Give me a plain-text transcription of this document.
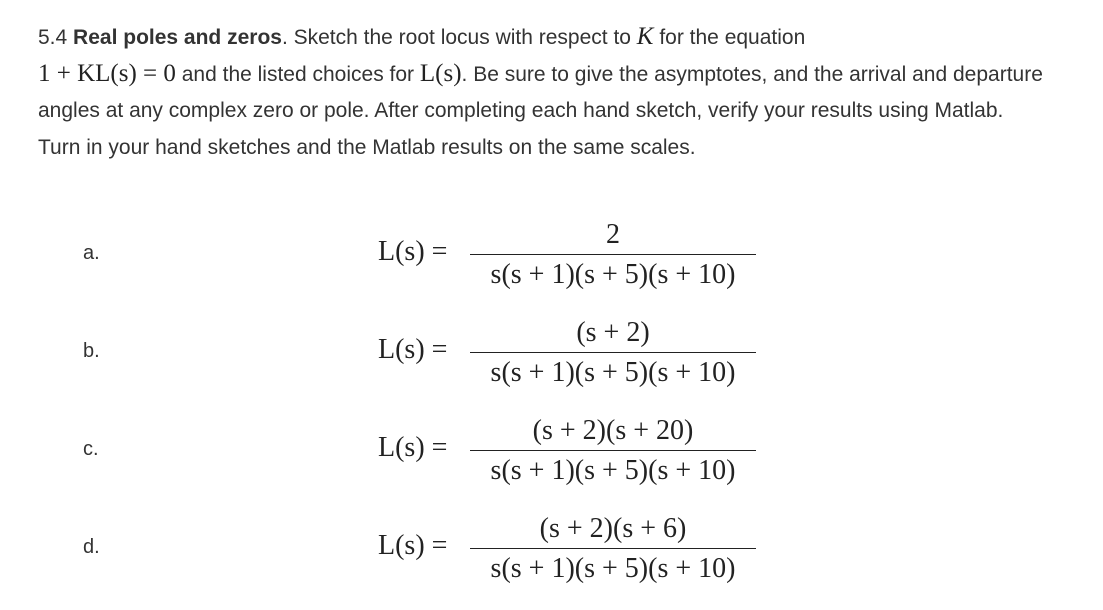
5.4 Real poles and zeros. Sketch the root locus with respect to K for the equation
1 + KL(s) = 0 and the listed choices for L(s). Be sure to give the asymptotes, and the arrival and departure angles at any complex zero or pole. After completing each hand sketch, verify your results using Matlab. Turn in your hand sketches and the Matlab results on the same scales.
a.	L(s) =
2
s(s + 1)(s + 5)(s + 10)
b.	L(s) =
(s + 2)
s(s + 1)(s + 5)(s + 10)
c.	L(s) =
(s + 2)(s + 20)
s(s + 1)(s + 5)(s + 10)
d.	L(s) =
(s + 2)(s + 6)
s(s + 1)(s + 5)(s + 10)
